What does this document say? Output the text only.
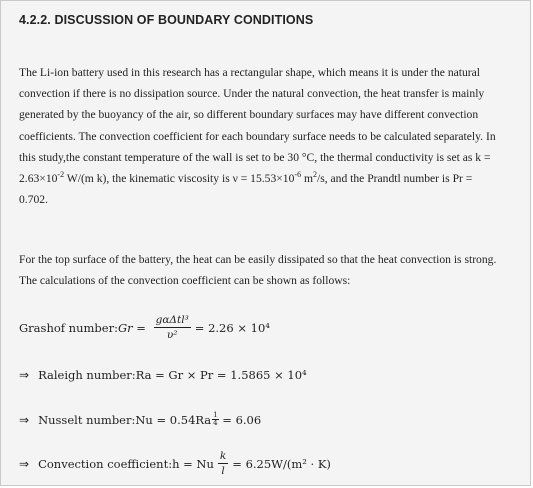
4.2.2. DISCUSSION OF BOUNDARY CONDITIONS

The Li-ion battery used in this research has a rectangular shape, which means it is under the natural
convection if there is no dissipation source. Under the natural convection, the heat transfer is mainly
generated by the buoyancy of the air, so different boundary surfaces may have different convection
coefficients. The convection coefficient for each boundary surface needs to be calculated separately. In
this study,the constant temperature of the wall is set to be 30 °C, the thermal conductivity is set as k =
$2.63\times 10^{-2}$ W/(m k), the kinematic viscosity is $\nu = 15.53\times 10^{-6}$ $m^2/s$, and the Prandtl number is Pr =
0.702.

For the top surface of the battery, the heat can be easily dissipated so that the heat convection is strong.
The calculations of the convection coefficient can be shown as follows:

Grashof number: $Gr = \frac{\text{gαΔtl³}}{\text{υ²}} = 2.26 \times 10^4$
⇒ Raleigh number: Ra = Gr × Pr = 1.5865 × 10⁴
⇒ Nusselt number: $Nu = 0.54Ra \frac{1}{4} = 6.06$
⇒ Convection coefficient: h = Nu $\frac{k}{l} = 6.25W/(m^2 \cdot K)$
